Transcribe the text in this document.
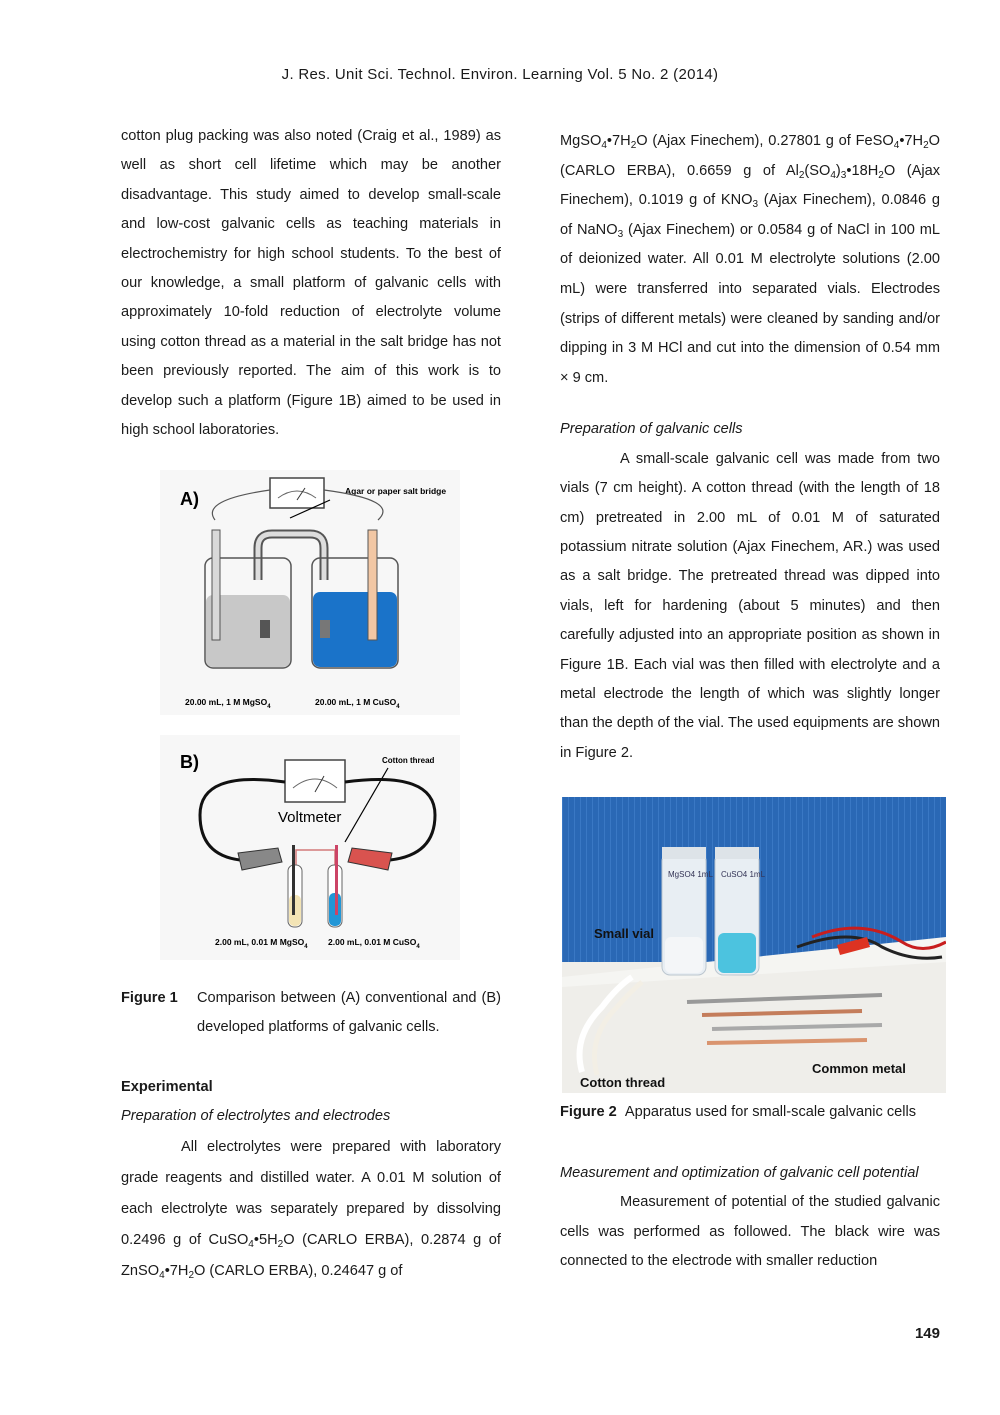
J. Res. Unit Sci. Technol. Environ. Learning Vol. 5 No. 2 (2014)

cotton plug packing was also noted (Craig et al., 1989) as well as short cell lifetime which may be another disadvantage. This study aimed to develop small-scale and low-cost galvanic cells as teaching materials in electrochemistry for high school students. To the best of our knowledge, a small platform of galvanic cells with approximately 10-fold reduction of electrolyte volume using cotton thread as a material in the salt bridge has not been previously reported. The aim of this work is to develop such a platform (Figure 1B) aimed to be used in high school laboratories.

A)	Agar or paper salt bridge
20.00 mL, 1 M MgSO$_4$	20.00 mL, 1 M CuSO$_4$
B)
Voltmeter
Cotton thread
2.00 mL, 0.01 M MgSO$_4$ 2.00 mL, 0.01 M CuSO$_4$
Figure 1 Comparison between (A) conventional and (B) developed platforms of galvanic cells.

Experimental

Preparation of electrolytes and electrodes

All electrolytes were prepared with laboratory grade reagents and distilled water. A 0.01 M solution of each electrolyte was separately prepared by dissolving 0.2496 g of $CuSO_4•5H_2O$ (CARLO ERBA), 0.2874 g of $ZnSO_4•7H_2O$ (CARLO ERBA), 0.24647 g of

$MgSO_4•7H_2O$ (Ajax Finechem), 0.27801 g of $FeSO_4•7H_2O$ (CARLO ERBA), 0.6659 g of $Al_2(SO_4)_3•18H_2O$ (Ajax Finechem), 0.1019 g of $KNO_3$ (Ajax Finechem), 0.0846 g of NaNO$_3$ (Ajax Finechem) or 0.0584 g of NaCl in 100 mL of deionized water. All 0.01 M electrolyte solutions (2.00 mL) were transferred into separated vials. Electrodes (strips of different metals) were cleaned by sanding and/or dipping in 3 M HCl and cut into the dimension of 0.54 mm × 9 cm.

Preparation of galvanic cells

A small-scale galvanic cell was made from two vials (7 cm height). A cotton thread (with the length of 18 cm) pretreated in 2.00 mL of 0.01 M of saturated potassium nitrate solution (Ajax Finechem, AR.) was used as a salt bridge. The pretreated thread was dipped into vials, left for hardening (about 5 minutes) and then carefully adjusted into an appropriate position as shown in Figure 1B. Each vial was then filled with electrolyte and a metal electrode the length of which was slightly longer than the depth of the vial. The used equipments are shown in Figure 2.

MgSO4 1mL CuSO4 1mL
Small vial
Cotton thread
Common metal
Figure 2 Apparatus used for small-scale galvanic cells

Measurement and optimization of galvanic cell potential

Measurement of potential of the studied galvanic cells was performed as followed. The black wire was connected to the electrode with smaller reduction

149
